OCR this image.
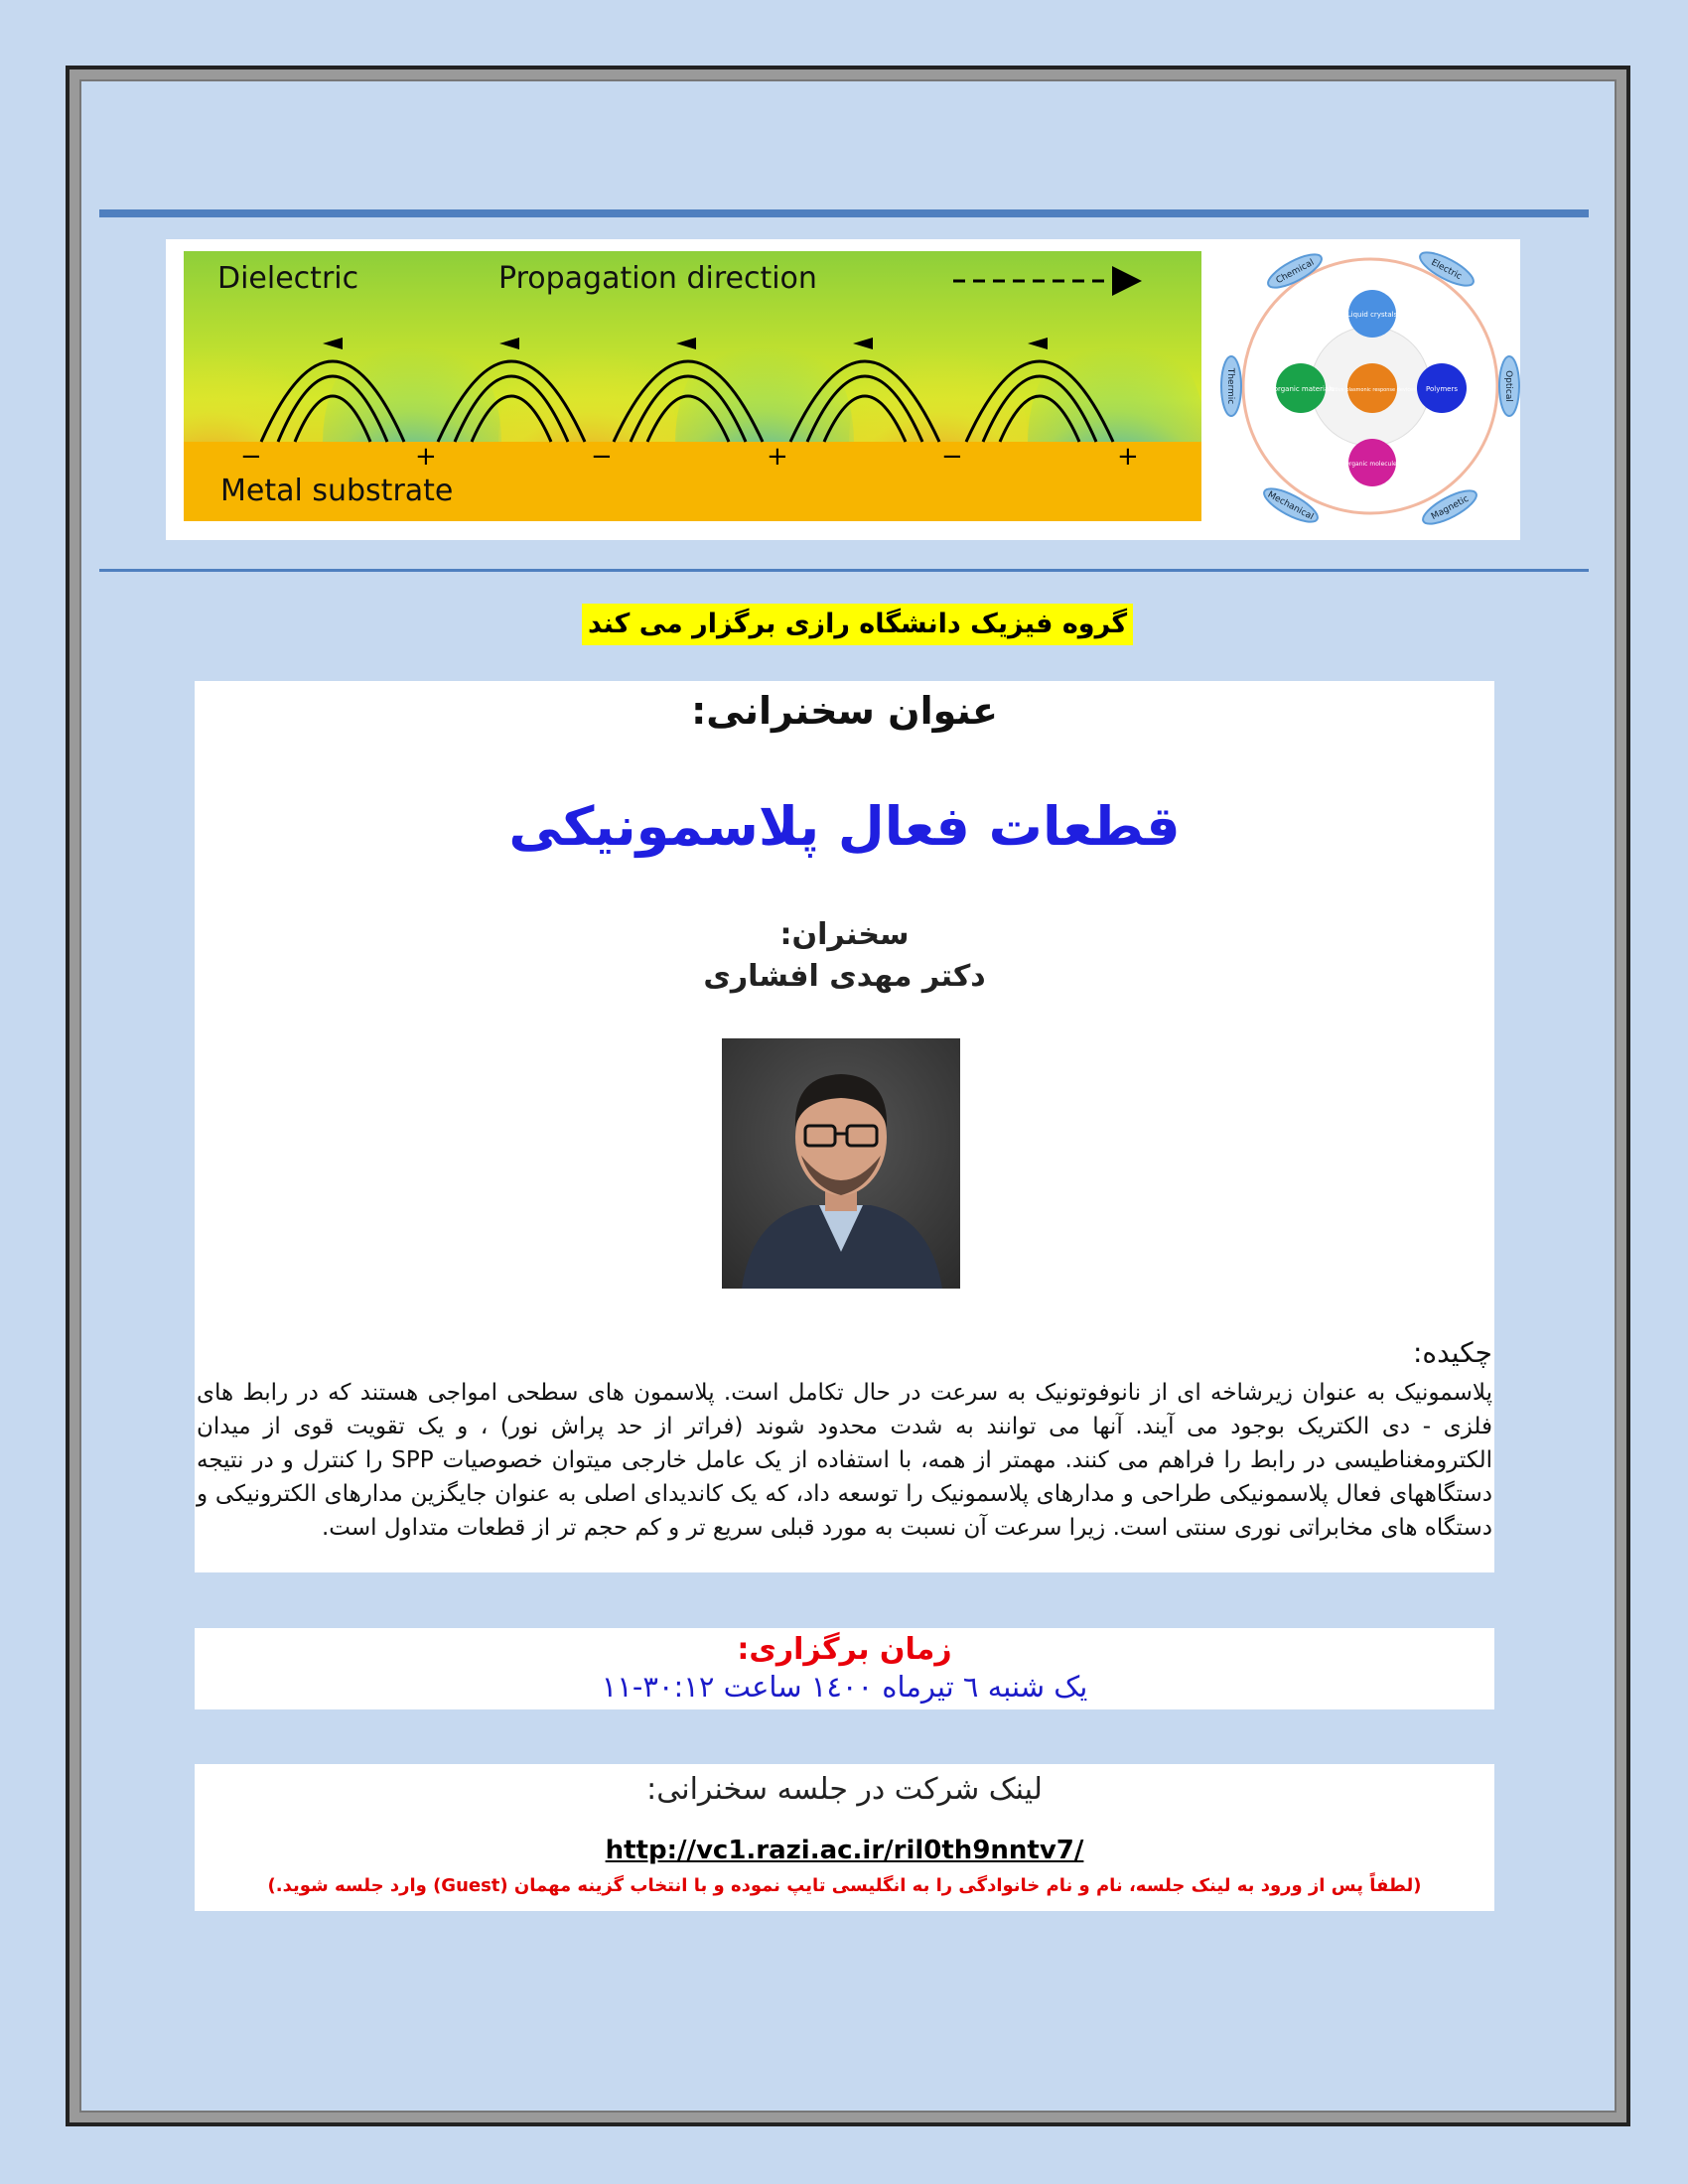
Dielectric	Propagation direction
Metal substrate
−	+	−	+	−	+
Chemical	Electric
Thermic	Optical
Mechanical	Magnetic
Liquid crystals
Inorganic materials	Polymers
Active plasmonic response devices
Organic molecules
گروه فیزیک دانشگاه رازی برگزار می کند
عنوان سخنرانی:
قطعات فعال پلاسمونیکی
سخنران:
دکتر مهدی افشاری
چکیده:
پلاسمونیک به عنوان زیرشاخه ای از نانوفوتونیک به سرعت در حال تکامل است. پلاسمون های سطحی امواجی هستند که در رابط های فلزی - دی الکتریک بوجود می آیند. آنها می توانند به شدت محدود شوند (فراتر از حد پراش نور) ، و یک تقویت قوی از میدان الکترومغناطیسی در رابط را فراهم می کنند. مهمتر از همه، با استفاده از یک عامل خارجی میتوان خصوصیات SPP را کنترل و در نتیجه دستگاههای فعال پلاسمونیکی طراحی و مدارهای پلاسمونیک را توسعه داد، که یک کاندیدای اصلی به عنوان جایگزین مدارهای الکترونیکی و دستگاه های مخابراتی نوری سنتی است. زیرا سرعت آن نسبت به مورد قبلی سریع تر و کم حجم تر از قطعات متداول است.
زمان برگزاری:
یک شنبه ٦ تیرماه ١٤٠٠ ساعت ٣٠:١٢-١١
لینک شرکت در جلسه سخنرانی:
http://vc1.razi.ac.ir/ril0th9nntv7/
(لطفاً پس از ورود به لینک جلسه، نام و نام خانوادگی را به انگلیسی تایپ نموده و با انتخاب گزینه مهمان (Guest) وارد جلسه شوید.)
